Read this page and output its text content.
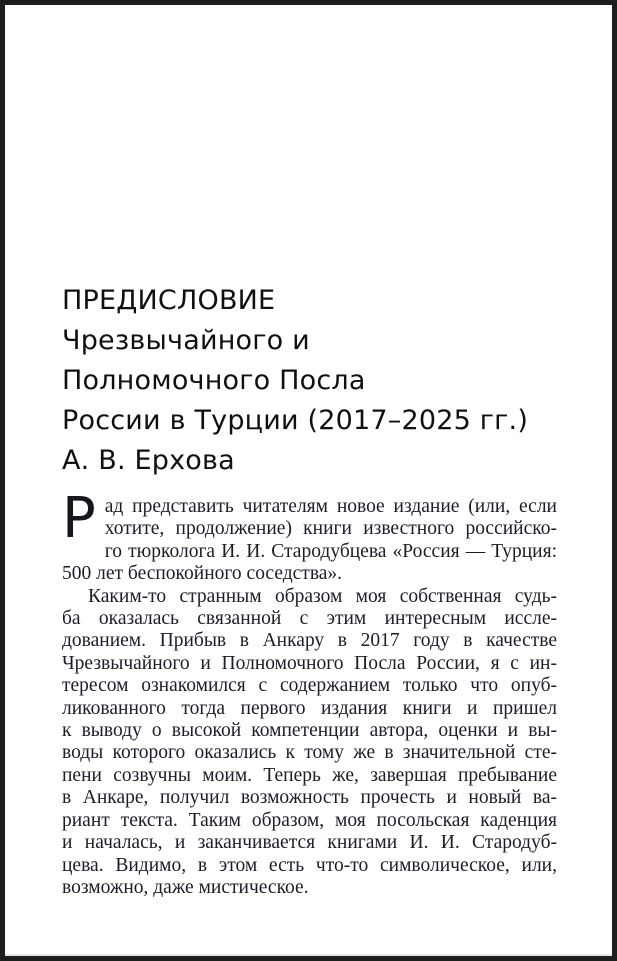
ПРЕДИСЛОВИЕ
Чрезвычайного и
Полномочного Посла
России в Турции (2017–2025 гг.)
А. В. Ерхова
Р ад представить читателям новое издание (или, если
хотите, продолжение) книги известного российско-
го тюрколога И. И. Стародубцева «Россия — Турция:
500 лет беспокойного соседства».
Каким-то странным образом моя собственная судь-
ба оказалась связанной с этим интересным иссле-
дованием. Прибыв в Анкару в 2017 году в качестве
Чрезвычайного и Полномочного Посла России, я с ин-
тересом ознакомился с содержанием только что опуб-
ликованного тогда первого издания книги и пришел
к выводу о высокой компетенции автора, оценки и вы-
воды которого оказались к тому же в значительной сте-
пени созвучны моим. Теперь же, завершая пребывание
в Анкаре, получил возможность прочесть и новый ва-
риант текста. Таким образом, моя посольская каденция
и началась, и заканчивается книгами И. И. Стародуб-
цева. Видимо, в этом есть что-то символическое, или,
возможно, даже мистическое.
